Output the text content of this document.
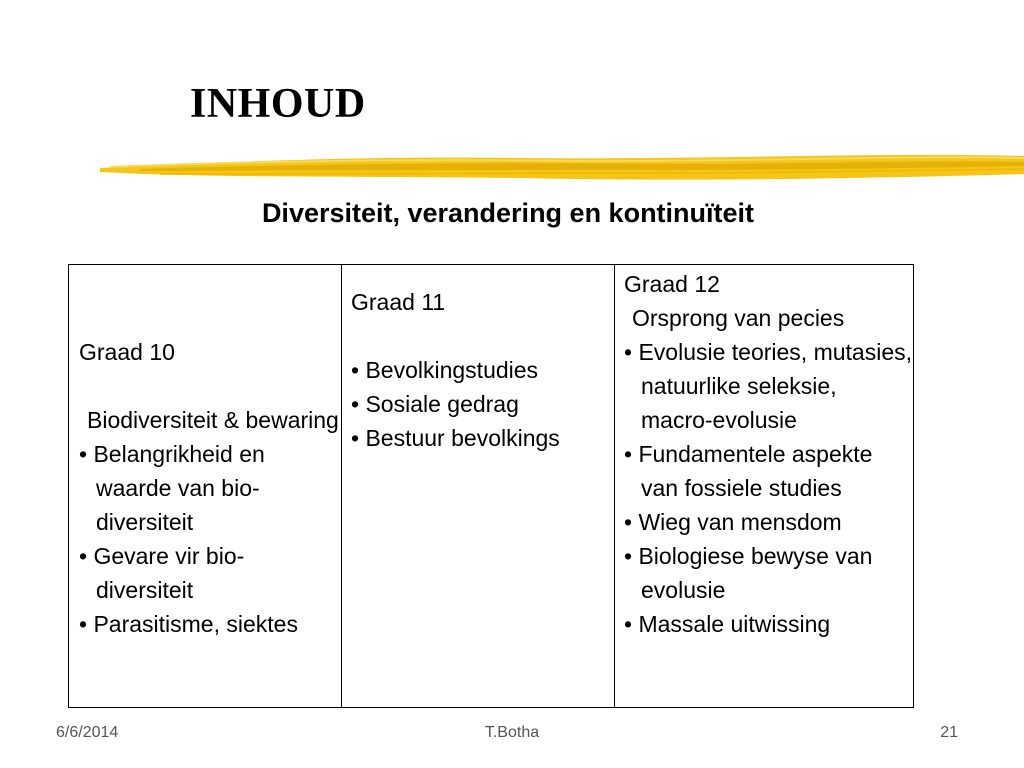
INHOUD
Diversiteit, verandering en kontinuïteit
Graad 10
Biodiversiteit & bewaring
• Belangrikheid en waarde van bio-diversiteit
• Gevare vir bio-diversiteit
• Parasitisme, siektes

Graad 11
• Bevolkingstudies
• Sosiale gedrag
• Bestuur bevolkings

Graad 12
Orsprong van pecies
• Evolusie teories, mutasies, natuurlike seleksie, macro-evolusie
• Fundamentele aspekte van fossiele studies
• Wieg van mensdom
• Biologiese bewyse van evolusie
• Massale uitwissing
6/6/2014	T.Botha	21
